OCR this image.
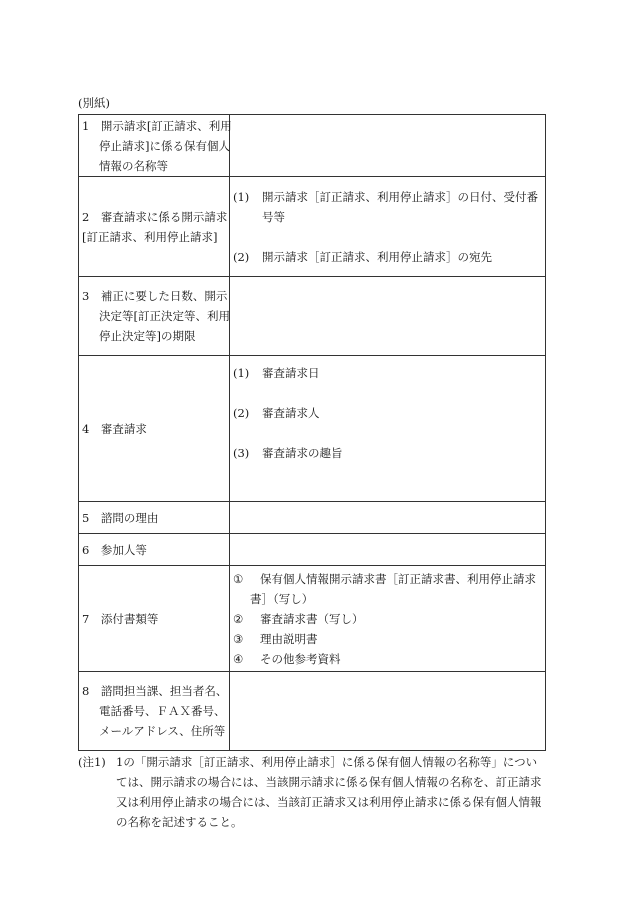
(別紙)
1　開示請求[訂正請求、利用
停止請求]に係る保有個人
情報の名称等	

2　審査請求に係る開示請求
[訂正請求、利用停止請求]	(1) 開示請求［訂正請求、利用停止請求］の日付、受付番
号等
(2) 開示請求［訂正請求、利用停止請求］の宛先

3　補正に要した日数、開示
決定等[訂正決定等、利用
停止決定等]の期限	

4　審査請求	(1) 審査請求日
(2) 審査請求人
(3) 審査請求の趣旨

5　諮問の理由	

6　参加人等	

7　添付書類等	① 保有個人情報開示請求書［訂正請求書、利用停止請求
書］（写し）
② 審査請求書（写し）
③ 理由説明書
④ その他参考資料

8　諮問担当課、担当者名、
電話番号、ＦＡＸ番号、
メールアドレス、住所等	

(注1) 1の「開示請求［訂正請求、利用停止請求］に係る保有個人情報の名称等」につい
ては、開示請求の場合には、当該開示請求に係る保有個人情報の名称を、訂正請求
又は利用停止請求の場合には、当該訂正請求又は利用停止請求に係る保有個人情報
の名称を記述すること。
